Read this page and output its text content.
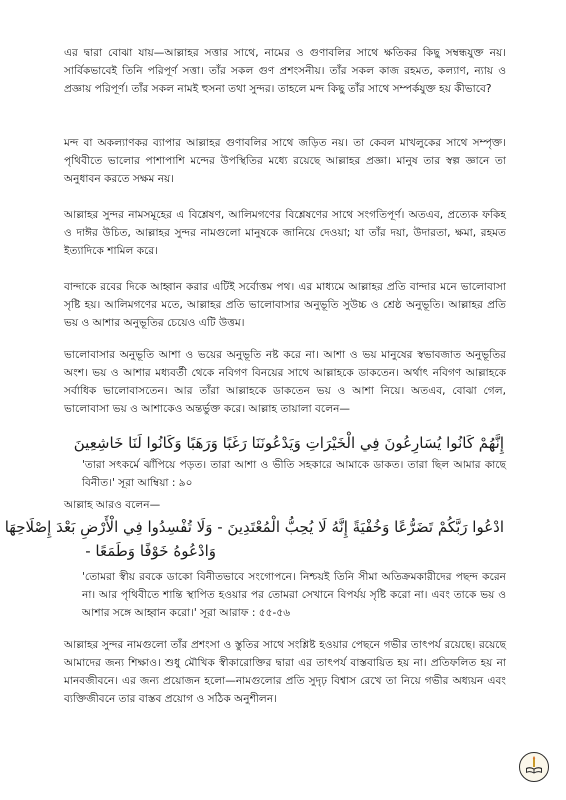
এর দ্বারা বোঝা যায়—আল্লাহর সত্তার সাথে, নামের ও গুণাবলির সাথে ক্ষতিকর কিছু সম্বন্ধযুক্ত নয়। সার্বিকভাবেই তিনি পরিপূর্ণ সত্তা। তাঁর সকল গুণ প্রশংসনীয়। তাঁর সকল কাজ রহমত, কল্যাণ, ন্যায় ও প্রজ্ঞায় পরিপূর্ণ। তাঁর সকল নামই হুসনা তথা সুন্দর। তাহলে মন্দ কিছু তাঁর সাথে সম্পর্কযুক্ত হয় কীভাবে?

মন্দ বা অকল্যাণকর ব্যাপার আল্লাহর গুণাবলির সাথে জড়িত নয়। তা কেবল মাখলুকের সাথে সম্পৃক্ত। পৃথিবীতে ভালোর পাশাপাশি মন্দের উপস্থিতির মধ্যে রয়েছে আল্লাহর প্রজ্ঞা। মানুষ তার স্বল্প জ্ঞানে তা অনুধাবন করতে সক্ষম নয়।

আল্লাহর সুন্দর নামসমূহের এ বিশ্লেষণ, আলিমগণের বিশ্লেষণের সাথে সংগতিপূর্ণ। অতএব, প্রত্যেক ফকিহ ও দাঈর উচিত, আল্লাহর সুন্দর নামগুলো মানুষকে জানিয়ে দেওয়া; যা তাঁর দয়া, উদারতা, ক্ষমা, রহমত ইত্যাদিকে শামিল করে।

বান্দাকে রবের দিকে আহ্বান করার এটিই সর্বোত্তম পথ। এর মাধ্যমে আল্লাহর প্রতি বান্দার মনে ভালোবাসা সৃষ্টি হয়। আলিমগণের মতে, আল্লাহর প্রতি ভালোবাসার অনুভূতি সুউচ্চ ও শ্রেষ্ঠ অনুভূতি। আল্লাহর প্রতি ভয় ও আশার অনুভূতির চেয়েও এটি উত্তম।

ভালোবাসার অনুভূতি আশা ও ভয়ের অনুভূতি নষ্ট করে না। আশা ও ভয় মানুষের স্বভাবজাত অনুভূতির অংশ। ভয় ও আশার মধ্যবর্তী থেকে নবিগণ বিনয়ের সাথে আল্লাহকে ডাকতেন। অর্থাৎ নবিগণ আল্লাহকে সর্বাধিক ভালোবাসতেন। আর তাঁরা আল্লাহকে ডাকতেন ভয় ও আশা নিয়ে। অতএব, বোঝা গেল, ভালোবাসা ভয় ও আশাকেও অন্তর্ভুক্ত করে। আল্লাহ তায়ালা বলেন—

إِنَّهُمْ كَانُوا يُسَارِعُونَ فِي الْخَيْرَاتِ وَيَدْعُونَنَا رَغَبًا وَرَهَبًا وَكَانُوا لَنَا خَاشِعِينَ

'তারা সৎকর্মে ঝাঁপিয়ে পড়ত। তারা আশা ও ভীতি সহকারে আমাকে ডাকত। তারা ছিল আমার কাছে বিনীত।' সূরা আম্বিয়া : ৯০

আল্লাহ আরও বলেন—

ادْعُوا رَبَّكُمْ تَضَرُّعًا وَخُفْيَةً إِنَّهُ لَا يُحِبُّ الْمُعْتَدِينَ - وَلَا تُفْسِدُوا فِي الْأَرْضِ بَعْدَ إِصْلَاحِهَا

وَادْعُوهُ خَوْفًا وَطَمَعًا -

'তোমরা স্বীয় রবকে ডাকো বিনীতভাবে সংগোপনে। নিশ্চয়ই তিনি সীমা অতিক্রমকারীদের পছন্দ করেন না। আর পৃথিবীতে শান্তি স্থাপিত হওয়ার পর তোমরা সেখানে বিপর্যয় সৃষ্টি করো না। এবং তাকে ভয় ও আশার সঙ্গে আহ্বান করো।' সূরা আরাফ : ৫৫-৫৬

আল্লাহর সুন্দর নামগুলো তাঁর প্রশংসা ও স্তুতির সাথে সংশ্লিষ্ট হওয়ার পেছনে গভীর তাৎপর্য রয়েছে। রয়েছে আমাদের জন্য শিক্ষাও। শুধু মৌখিক স্বীকারোক্তির দ্বারা এর তাৎপর্য বাস্তবায়িত হয় না। প্রতিফলিত হয় না মানবজীবনে। এর জন্য প্রয়োজন হলো—নামগুলোর প্রতি সুদৃঢ় বিশ্বাস রেখে তা নিয়ে গভীর অধ্যয়ন এবং ব্যক্তিজীবনে তার বাস্তব প্রয়োগ ও সঠিক অনুশীলন।
